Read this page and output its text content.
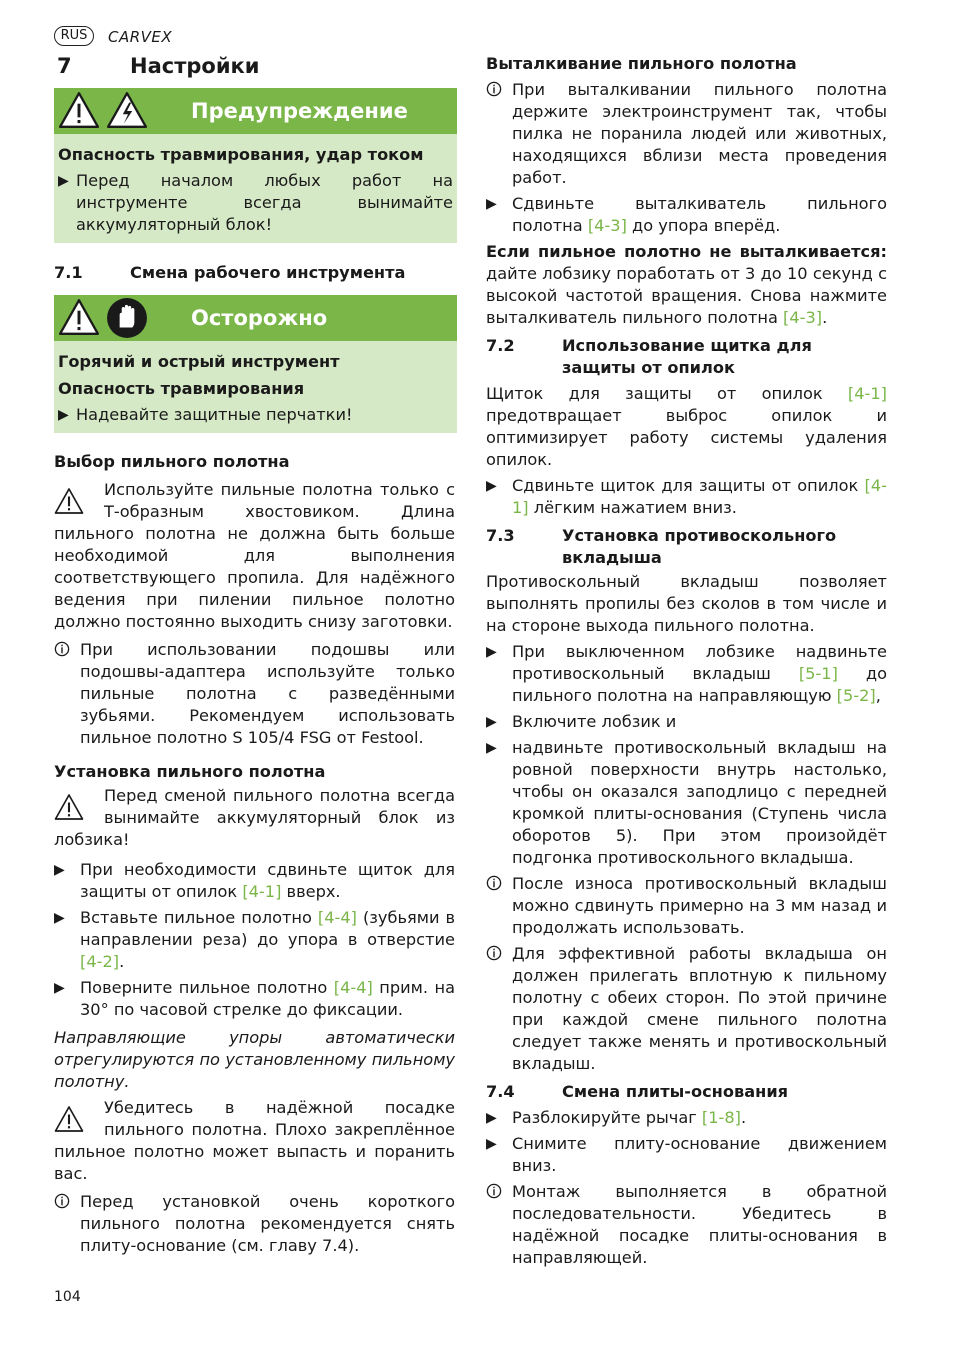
RUS	CARVEX
7	Настройки
Предупреждение
Опасность травмирования, удар током
▶ Перед началом любых работ на инструменте всегда вынимайте аккумуляторный блок!
7.1	Смена рабочего инструмента
Осторожно
Горячий и острый инструмент
Опасность травмирования
▶ Надевайте защитные перчатки!
Выбор пильного полотна
Используйте пильные полотна только с Т-образным хвостовиком. Длина пильного полотна не должна быть больше необходимой для выполнения соответствующего пропила. Для надёжного ведения при пилении пильное полотно должно постоянно выходить снизу заготовки.
При использовании подошвы или подошвы-адаптера используйте только пильные полотна с разведёнными зубьями. Рекомендуем использовать пильное полотно S 105/4 FSG от Festool.
Установка пильного полотна
Перед сменой пильного полотна всегда вынимайте аккумуляторный блок из лобзика!
▶ При необходимости сдвиньте щиток для защиты от опилок [4-1] вверх.
▶ Вставьте пильное полотно [4-4] (зубьями в направлении реза) до упора в отверстие [4-2].
▶ Поверните пильное полотно [4-4] прим. на 30° по часовой стрелке до фиксации.
Направляющие упоры автоматически отрегулируются по установленному пильному полотну.
Убедитесь в надёжной посадке пильного полотна. Плохо закреплённое пильное полотно может выпасть и поранить вас.
Перед установкой очень короткого пильного полотна рекомендуется снять плиту-основание (см. главу 7.4).
Выталкивание пильного полотна
При выталкивании пильного полотна держите электроинструмент так, чтобы пилка не поранила людей или животных, находящихся вблизи места проведения работ.
▶ Сдвиньте выталкиватель пильного полотна [4-3] до упора вперёд.
Если пильное полотно не выталкивается: дайте лобзику поработать от 3 до 10 секунд с высокой частотой вращения. Снова нажмите выталкиватель пильного полотна [4-3].
7.2	Использование щитка для защиты от опилок
Щиток для защиты от опилок [4-1] предотвращает выброс опилок и оптимизирует работу системы удаления опилок.
▶ Сдвиньте щиток для защиты от опилок [4-1] лёгким нажатием вниз.
7.3	Установка противоскольного вкладыша
Противоскольный вкладыш позволяет выполнять пропилы без сколов в том числе и на стороне выхода пильного полотна.
▶ При выключенном лобзике надвиньте противоскольный вкладыш [5-1] до пильного полотна на направляющую [5-2],
▶ Включите лобзик и
▶ надвиньте противоскольный вкладыш на ровной поверхности внутрь настолько, чтобы он оказался заподлицо с передней кромкой плиты-основания (Ступень числа оборотов 5). При этом произойдёт подгонка противоскольного вкладыша.
После износа противоскольный вкладыш можно сдвинуть примерно на 3 мм назад и продолжать использовать.
Для эффективной работы вкладыша он должен прилегать вплотную к пильному полотну с обеих сторон. По этой причине при каждой смене пильного полотна следует также менять и противоскольный вкладыш.
7.4	Смена плиты-основания
▶ Разблокируйте рычаг [1-8].
▶ Снимите плиту-основание движением вниз.
Монтаж выполняется в обратной последовательности. Убедитесь в надёжной посадке плиты-основания в направляющей.
104
